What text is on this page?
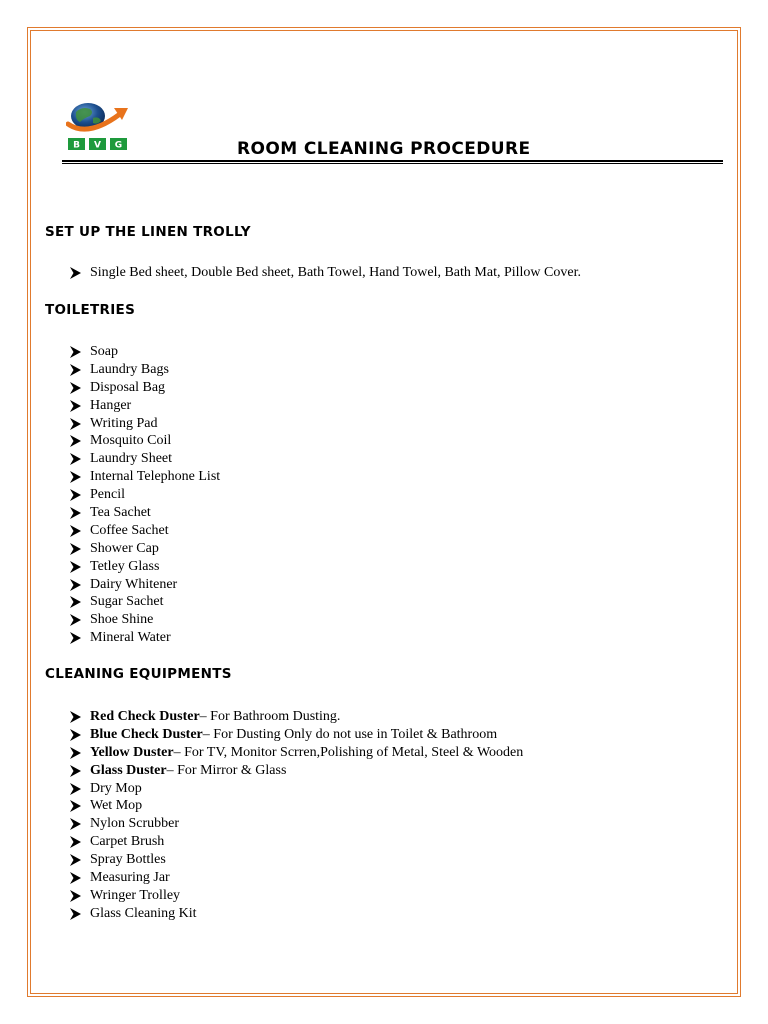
B V G	ROOM CLEANING PROCEDURE
SET UP THE LINEN TROLLY
Single Bed sheet, Double Bed sheet, Bath Towel, Hand Towel, Bath Mat, Pillow Cover.
TOILETRIES
Soap
Laundry Bags
Disposal Bag
Hanger
Writing Pad
Mosquito Coil
Laundry Sheet
Internal Telephone List
Pencil
Tea Sachet
Coffee Sachet
Shower Cap
Tetley Glass
Dairy Whitener
Sugar Sachet
Shoe Shine
Mineral Water
CLEANING EQUIPMENTS
Red Check Duster – For Bathroom Dusting.
Blue Check Duster – For Dusting Only do not use in Toilet & Bathroom
Yellow Duster – For TV, Monitor Scrren,Polishing of Metal, Steel & Wooden
Glass Duster – For Mirror & Glass
Dry Mop
Wet Mop
Nylon Scrubber
Carpet Brush
Spray Bottles
Measuring Jar
Wringer Trolley
Glass Cleaning Kit
